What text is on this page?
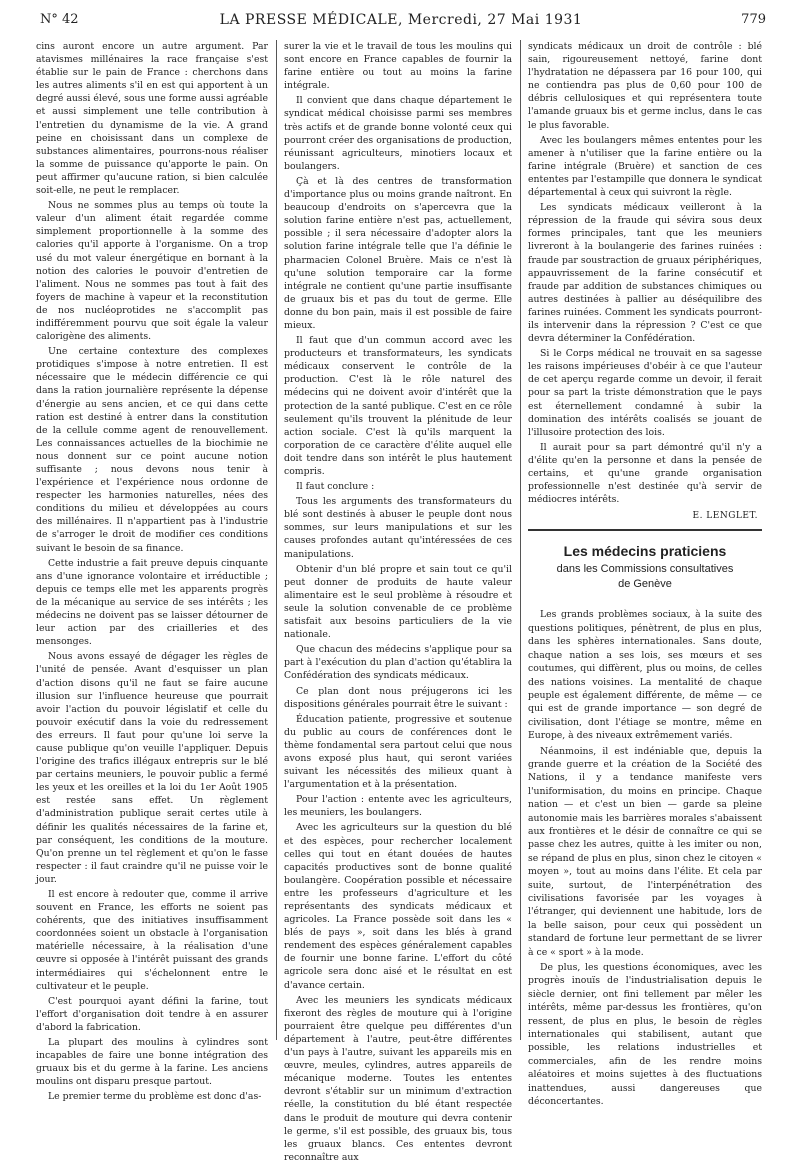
N° 42	LA PRESSE MÉDICALE, Mercredi, 27 Mai 1931	779

cins auront encore un autre argument. Par atavismes millénaires la race française s'est établie sur le pain de France : cherchons dans les autres aliments s'il en est qui apportent à un degré aussi élevé, sous une forme aussi agréable et aussi simplement une telle contribution à l'entretien du dynamisme de la vie. A grand peine en choisissant dans un complexe de substances alimentaires, pourrons-nous réaliser la somme de puissance qu'apporte le pain. On peut affirmer qu'aucune ration, si bien calculée soit-elle, ne peut le remplacer.

Nous ne sommes plus au temps où toute la valeur d'un aliment était regardée comme simplement proportionnelle à la somme des calories qu'il apporte à l'organisme. On a trop usé du mot valeur énergétique en bornant à la notion des calories le pouvoir d'entretien de l'aliment. Nous ne sommes pas tout à fait des foyers de machine à vapeur et la reconstitution de nos nucléoprotides ne s'accomplit pas indifféremment pourvu que soit égale la valeur calorigène des aliments.

Une certaine contexture des complexes protidiques s'impose à notre entretien. Il est nécessaire que le médecin différencie ce qui dans la ration journalière représente la dépense d'énergie au sens ancien, et ce qui dans cette ration est destiné à entrer dans la constitution de la cellule comme agent de renouvellement. Les connaissances actuelles de la biochimie ne nous donnent sur ce point aucune notion suffisante ; nous devons nous tenir à l'expérience et l'expérience nous ordonne de respecter les harmonies naturelles, nées des conditions du milieu et développées au cours des millénaires. Il n'appartient pas à l'industrie de s'arroger le droit de modifier ces conditions suivant le besoin de sa finance.

Cette industrie a fait preuve depuis cinquante ans d'une ignorance volontaire et irréductible ; depuis ce temps elle met les apparents progrès de la mécanique au service de ses intérêts ; les médecins ne doivent pas se laisser détourner de leur action par des criailleries et des mensonges.

Nous avons essayé de dégager les règles de l'unité de pensée. Avant d'esquisser un plan d'action disons qu'il ne faut se faire aucune illusion sur l'influence heureuse que pourrait avoir l'action du pouvoir législatif et celle du pouvoir exécutif dans la voie du redressement des erreurs. Il faut pour qu'une loi serve la cause publique qu'on veuille l'appliquer. Depuis l'origine des trafics illégaux entrepris sur le blé par certains meuniers, le pouvoir public a fermé les yeux et les oreilles et la loi du 1er Août 1905 est restée sans effet. Un règlement d'administration publique serait certes utile à définir les qualités nécessaires de la farine et, par conséquent, les conditions de la mouture. Qu'on prenne un tel règlement et qu'on le fasse respecter : il faut craindre qu'il ne puisse voir le jour.

Il est encore à redouter que, comme il arrive souvent en France, les efforts ne soient pas cohérents, que des initiatives insuffisamment coordonnées soient un obstacle à l'organisation matérielle nécessaire, à la réalisation d'une œuvre si opposée à l'intérêt puissant des grands intermédiaires qui s'échelonnent entre le cultivateur et le peuple.

C'est pourquoi ayant défini la farine, tout l'effort d'organisation doit tendre à en assurer d'abord la fabrication.

La plupart des moulins à cylindres sont incapables de faire une bonne intégration des gruaux bis et du germe à la farine. Les anciens moulins ont disparu presque partout.

Le premier terme du problème est donc d'as-

surer la vie et le travail de tous les moulins qui sont encore en France capables de fournir la farine entière ou tout au moins la farine intégrale.

Il convient que dans chaque département le syndicat médical choisisse parmi ses membres très actifs et de grande bonne volonté ceux qui pourront créer des organisations de production, réunissant agriculteurs, minotiers locaux et boulangers.

Çà et là des centres de transformation d'importance plus ou moins grande naîtront. En beaucoup d'endroits on s'apercevra que la solution farine entière n'est pas, actuellement, possible ; il sera nécessaire d'adopter alors la solution farine intégrale telle que l'a définie le pharmacien Colonel Bruère. Mais ce n'est là qu'une solution temporaire car la forme intégrale ne contient qu'une partie insuffisante de gruaux bis et pas du tout de germe. Elle donne du bon pain, mais il est possible de faire mieux.

Il faut que d'un commun accord avec les producteurs et transformateurs, les syndicats médicaux conservent le contrôle de la production. C'est là le rôle naturel des médecins qui ne doivent avoir d'intérêt que la protection de la santé publique. C'est en ce rôle seulement qu'ils trouvent la plénitude de leur action sociale. C'est là qu'ils marquent la corporation de ce caractère d'élite auquel elle doit tendre dans son intérêt le plus hautement compris.

Il faut conclure :

Tous les arguments des transformateurs du blé sont destinés à abuser le peuple dont nous sommes, sur leurs manipulations et sur les causes profondes autant qu'intéressées de ces manipulations.

Obtenir d'un blé propre et sain tout ce qu'il peut donner de produits de haute valeur alimentaire est le seul problème à résoudre et seule la solution convenable de ce problème satisfait aux besoins particuliers de la vie nationale.

Que chacun des médecins s'applique pour sa part à l'exécution du plan d'action qu'établira la Confédération des syndicats médicaux.

Ce plan dont nous préjugerons ici les dispositions générales pourrait être le suivant :

Éducation patiente, progressive et soutenue du public au cours de conférences dont le thème fondamental sera partout celui que nous avons exposé plus haut, qui seront variées suivant les nécessités des milieux quant à l'argumentation et à la présentation.

Pour l'action : entente avec les agriculteurs, les meuniers, les boulangers.

Avec les agriculteurs sur la question du blé et des espèces, pour rechercher localement celles qui tout en étant douées de hautes capacités productives sont de bonne qualité boulangère. Coopération possible et nécessaire entre les professeurs d'agriculture et les représentants des syndicats médicaux et agricoles. La France possède soit dans les « blés de pays », soit dans les blés à grand rendement des espèces généralement capables de fournir une bonne farine. L'effort du côté agricole sera donc aisé et le résultat en est d'avance certain.

Avec les meuniers les syndicats médicaux fixeront des règles de mouture qui à l'origine pourraient être quelque peu différentes d'un département à l'autre, peut-être différentes d'un pays à l'autre, suivant les appareils mis en œuvre, meules, cylindres, autres appareils de mécanique moderne. Toutes les ententes devront s'établir sur un minimum d'extraction réelle, la constitution du blé étant respectée dans le produit de mouture qui devra contenir le germe, s'il est possible, des gruaux bis, tous les gruaux blancs. Ces ententes devront reconnaître aux

syndicats médicaux un droit de contrôle : blé sain, rigoureusement nettoyé, farine dont l'hydratation ne dépassera par 16 pour 100, qui ne contiendra pas plus de 0,60 pour 100 de débris cellulosiques et qui représentera toute l'amande gruaux bis et germe inclus, dans le cas le plus favorable.

Avec les boulangers mêmes ententes pour les amener à n'utiliser que la farine entière ou la farine intégrale (Bruère) et sanction de ces ententes par l'estampille que donnera le syndicat départemental à ceux qui suivront la règle.

Les syndicats médicaux veilleront à la répression de la fraude qui sévira sous deux formes principales, tant que les meuniers livreront à la boulangerie des farines ruinées : fraude par soustraction de gruaux périphériques, appauvrissement de la farine consécutif et fraude par addition de substances chimiques ou autres destinées à pallier au déséquilibre des farines ruinées. Comment les syndicats pourront-ils intervenir dans la répression ? C'est ce que devra déterminer la Confédération.

Si le Corps médical ne trouvait en sa sagesse les raisons impérieuses d'obéir à ce que l'auteur de cet aperçu regarde comme un devoir, il ferait pour sa part la triste démonstration que le pays est éternellement condamné à subir la domination des intérêts coalisés se jouant de l'illusoire protection des lois.

Il aurait pour sa part démontré qu'il n'y a d'élite qu'en la personne et dans la pensée de certains, et qu'une grande organisation professionnelle n'est destinée qu'à servir de médiocres intérêts.

E. LENGLET.
Les médecins praticiens
dans les Commissions consultatives
de Genève

Les grands problèmes sociaux, à la suite des questions politiques, pénètrent, de plus en plus, dans les sphères internationales. Sans doute, chaque nation a ses lois, ses mœurs et ses coutumes, qui diffèrent, plus ou moins, de celles des nations voisines. La mentalité de chaque peuple est également différente, de même — ce qui est de grande importance — son degré de civilisation, dont l'étiage se montre, même en Europe, à des niveaux extrêmement variés.

Néanmoins, il est indéniable que, depuis la grande guerre et la création de la Société des Nations, il y a tendance manifeste vers l'uniformisation, du moins en principe. Chaque nation — et c'est un bien — garde sa pleine autonomie mais les barrières morales s'abaissent aux frontières et le désir de connaître ce qui se passe chez les autres, quitte à les imiter ou non, se répand de plus en plus, sinon chez le citoyen « moyen », tout au moins dans l'élite. Et cela par suite, surtout, de l'interpénétration des civilisations favorisée par les voyages à l'étranger, qui deviennent une habitude, lors de la belle saison, pour ceux qui possèdent un standard de fortune leur permettant de se livrer à ce « sport » à la mode.

De plus, les questions économiques, avec les progrès inouïs de l'industrialisation depuis le siècle dernier, ont fini tellement par mêler les intérêts, même par-dessus les frontières, qu'on ressent, de plus en plus, le besoin de règles internationales qui stabilisent, autant que possible, les relations industrielles et commerciales, afin de les rendre moins aléatoires et moins sujettes à des fluctuations inattendues, aussi dangereuses que déconcertantes.
